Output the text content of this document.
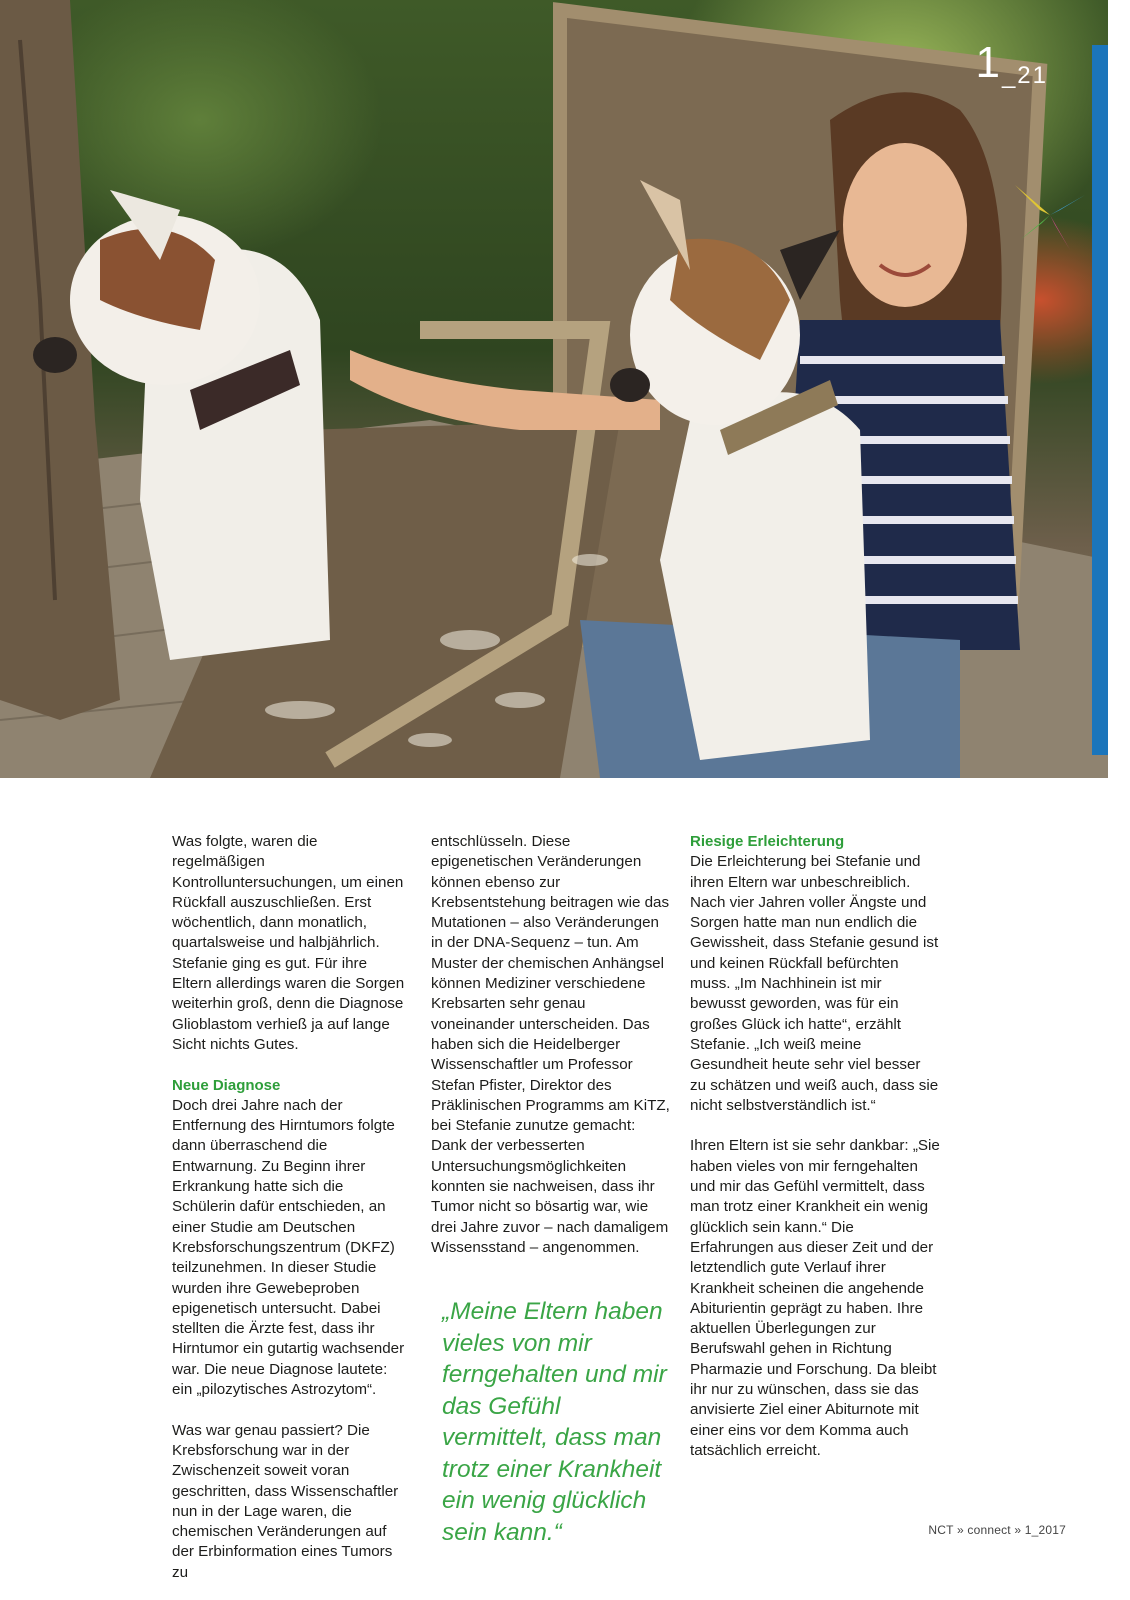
1_21

Was folgte, waren die regelmäßigen Kontrolluntersuchungen, um einen Rückfall auszuschließen. Erst wöchentlich, dann monatlich, quartalsweise und halbjährlich. Stefanie ging es gut. Für ihre Eltern allerdings waren die Sorgen weiterhin groß, denn die Diagnose Glioblastom verhieß ja auf lange Sicht nichts Gutes.

Neue Diagnose

Doch drei Jahre nach der Entfernung des Hirntumors folgte dann überraschend die Entwarnung. Zu Beginn ihrer Erkrankung hatte sich die Schülerin dafür entschieden, an einer Studie am Deutschen Krebsforschungszentrum (DKFZ) teilzunehmen. In dieser Studie wurden ihre Gewebeproben epigenetisch untersucht. Dabei stellten die Ärzte fest, dass ihr Hirntumor ein gutartig wachsender war. Die neue Diagnose lautete: ein „pilozytisches Astrozytom“.

Was war genau passiert? Die Krebsforschung war in der Zwischenzeit soweit voran geschritten, dass Wissenschaftler nun in der Lage waren, die chemischen Veränderungen auf der Erbinformation eines Tumors zu

entschlüsseln. Diese epigenetischen Veränderungen können ebenso zur Krebsentstehung beitragen wie das Mutationen – also Veränderungen in der DNA-Sequenz – tun. Am Muster der chemischen Anhängsel können Mediziner verschiedene Krebsarten sehr genau voneinander unterscheiden. Das haben sich die Heidelberger Wissenschaftler um Professor Stefan Pfister, Direktor des Präklinischen Programms am KiTZ, bei Stefanie zunutze gemacht: Dank der verbesserten Untersuchungsmöglichkeiten konnten sie nachweisen, dass ihr Tumor nicht so bösartig war, wie drei Jahre zuvor – nach damaligem Wissensstand – angenommen.

„Meine Eltern haben vieles von mir ferngehalten und mir das Gefühl vermittelt, dass man trotz einer Krankheit ein wenig glücklich sein kann.“
Riesige Erleichterung

Die Erleichterung bei Stefanie und ihren Eltern war unbeschreiblich. Nach vier Jahren voller Ängste und Sorgen hatte man nun endlich die Gewissheit, dass Stefanie gesund ist und keinen Rückfall befürchten muss. „Im Nachhinein ist mir bewusst geworden, was für ein großes Glück ich hatte“, erzählt Stefanie. „Ich weiß meine Gesundheit heute sehr viel besser zu schätzen und weiß auch, dass sie nicht selbstverständlich ist.“

Ihren Eltern ist sie sehr dankbar: „Sie haben vieles von mir ferngehalten und mir das Gefühl vermittelt, dass man trotz einer Krankheit ein wenig glücklich sein kann.“ Die Erfahrungen aus dieser Zeit und der letztendlich gute Verlauf ihrer Krankheit scheinen die angehende Abiturientin geprägt zu haben. Ihre aktuellen Überlegungen zur Berufswahl gehen in Richtung Pharmazie und Forschung. Da bleibt ihr nur zu wünschen, dass sie das anvisierte Ziel einer Abiturnote mit einer eins vor dem Komma auch tatsächlich erreicht.

NCT » connect » 1_2017
